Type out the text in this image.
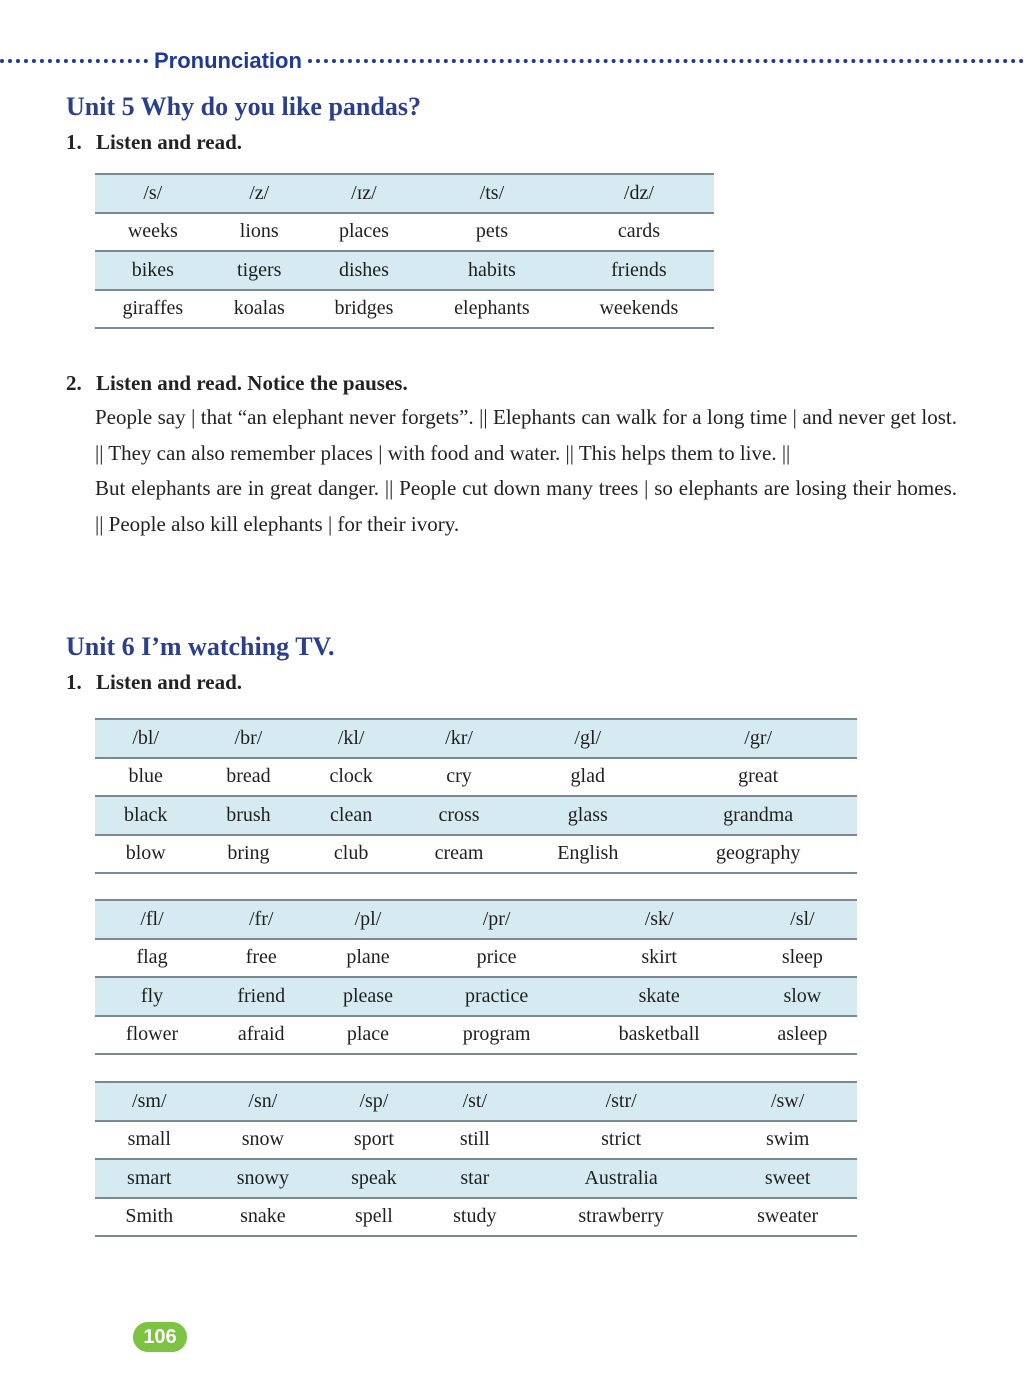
Pronunciation
Unit 5 Why do you like pandas?
1. Listen and read.
/s/	/z/	/ɪz/	/ts/	/dz/
weeks	lions	places	pets	cards
bikes	tigers	dishes	habits	friends
giraffes	koalas	bridges	elephants	weekends
2. Listen and read. Notice the pauses.

People say | that “an elephant never forgets”. || Elephants can walk for a long time | and never get lost. || They can also remember places | with food and water. || This helps them to live. ||

But elephants are in great danger. || People cut down many trees | so elephants are losing their homes. || People also kill elephants | for their ivory.

Unit 6 I’m watching TV.
1. Listen and read.
/bl/	/br/	/kl/	/kr/	/gl/	/gr/
blue	bread	clock	cry	glad	great
black	brush	clean	cross	glass	grandma
blow	bring	club	cream	English	geography
/fl/	/fr/	/pl/	/pr/	/sk/	/sl/
flag	free	plane	price	skirt	sleep
fly	friend	please	practice	skate	slow
flower	afraid	place	program	basketball	asleep
/sm/	/sn/	/sp/	/st/	/str/	/sw/
small	snow	sport	still	strict	swim
smart	snowy	speak	star	Australia	sweet
Smith	snake	spell	study	strawberry	sweater
106
